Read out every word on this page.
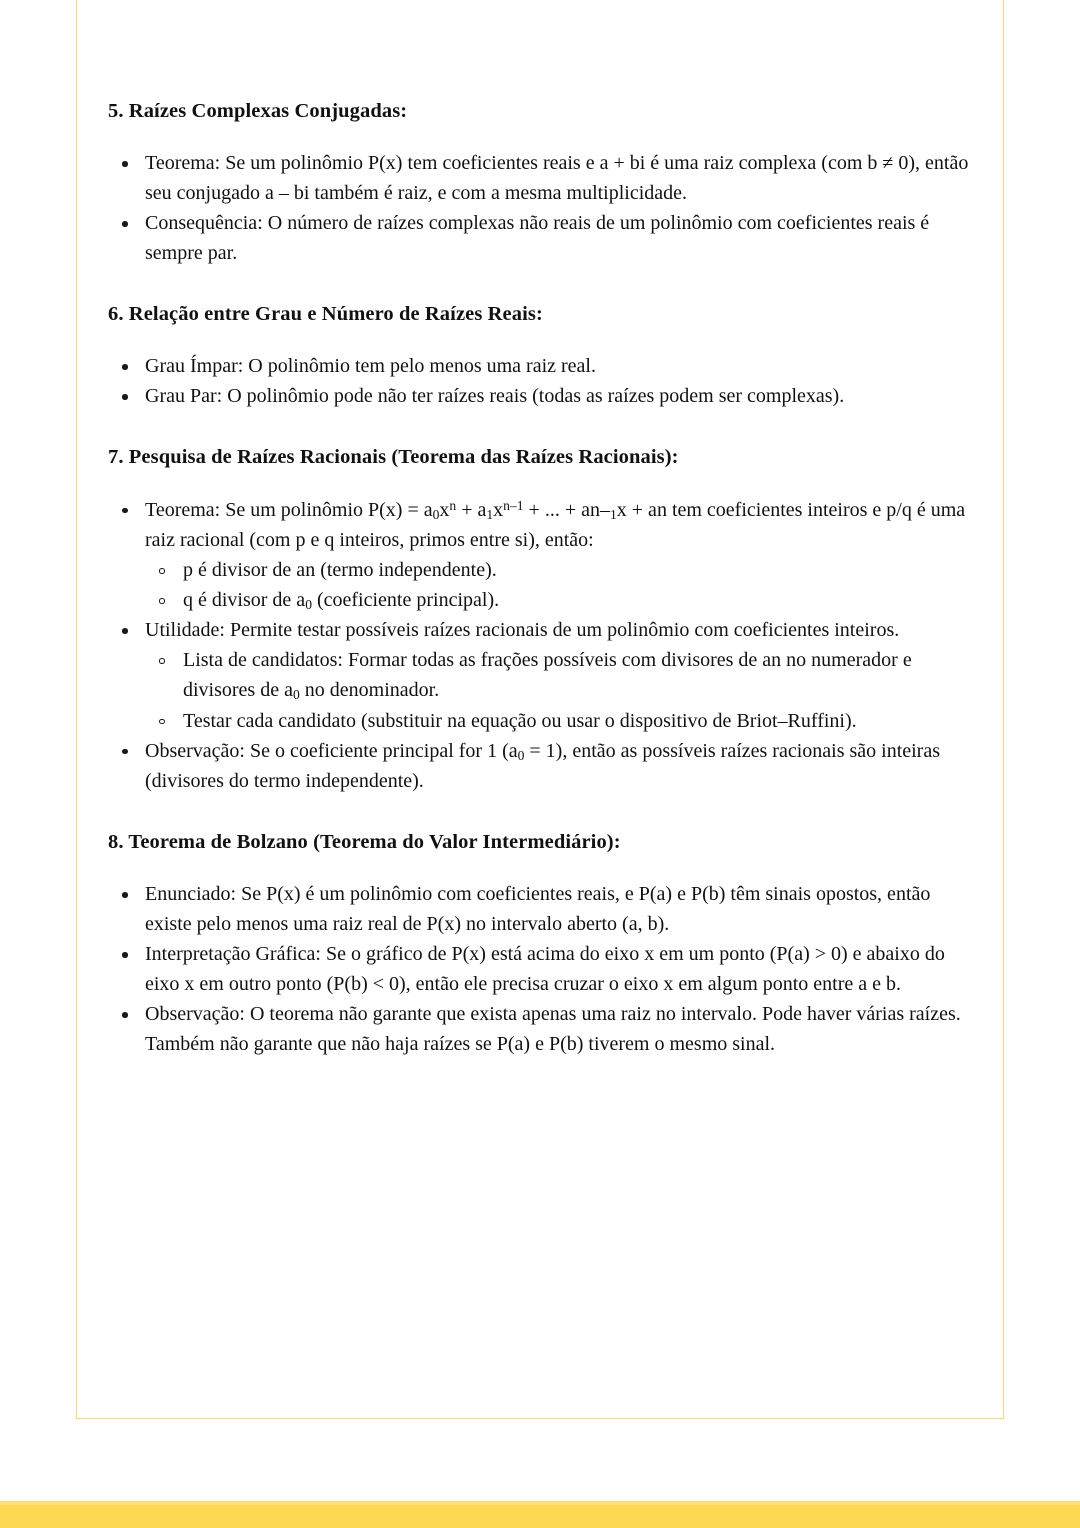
5. Raízes Complexas Conjugadas:
Teorema: Se um polinômio P(x) tem coeficientes reais e a + bi é uma raiz complexa (com b ≠ 0), então seu conjugado a – bi também é raiz, e com a mesma multiplicidade.
Consequência: O número de raízes complexas não reais de um polinômio com coeficientes reais é sempre par.
6. Relação entre Grau e Número de Raízes Reais:
Grau Ímpar: O polinômio tem pelo menos uma raiz real.
Grau Par: O polinômio pode não ter raízes reais (todas as raízes podem ser complexas).
7. Pesquisa de Raízes Racionais (Teorema das Raízes Racionais):
Teorema: Se um polinômio $P(x) = a_0x^n + a_1x^{n-1}$ + ... + $an-_1x$ + an tem coeficientes inteiros e p/q é uma raiz racional (com p e q inteiros, primos entre si), então:
p é divisor de an (termo independente).
q é divisor de $a_0$ (coeficiente principal).
Utilidade: Permite testar possíveis raízes racionais de um polinômio com coeficientes inteiros.
Lista de candidatos: Formar todas as frações possíveis com divisores de an no numerador e divisores de $a_0$ no denominador.
Testar cada candidato (substituir na equação ou usar o dispositivo de Briot–Ruffini).
Observação: Se o coeficiente principal for 1 $(a_0 = 1)$, então as possíveis raízes racionais são inteiras (divisores do termo independente).
8. Teorema de Bolzano (Teorema do Valor Intermediário):
Enunciado: Se P(x) é um polinômio com coeficientes reais, e P(a) e P(b) têm sinais opostos, então existe pelo menos uma raiz real de P(x) no intervalo aberto (a, b).
Interpretação Gráfica: Se o gráfico de P(x) está acima do eixo x em um ponto (P(a) > 0) e abaixo do eixo x em outro ponto (P(b) < 0), então ele precisa cruzar o eixo x em algum ponto entre a e b.
Observação: O teorema não garante que exista apenas uma raiz no intervalo. Pode haver várias raízes. Também não garante que não haja raízes se P(a) e P(b) tiverem o mesmo sinal.
